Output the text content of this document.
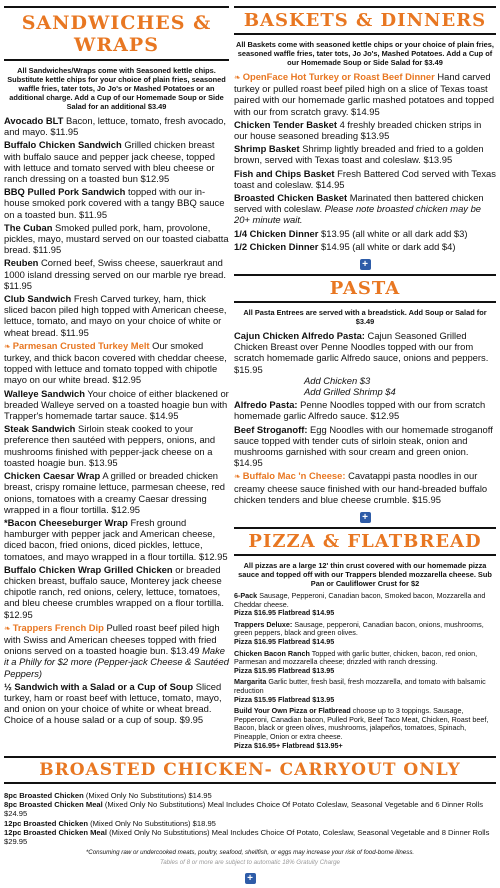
SANDWICHES & WRAPS
All Sandwiches/Wraps come with Seasoned kettle chips. Substitute kettle chips for your choice of plain fries, seasoned waffle fries, tater tots, Jo Jo's or Mashed Potatoes or an additional charge. Add a Cup of our Homemade Soup or Side Salad for an additional $3.49
Avocado BLT Bacon, lettuce, tomato, fresh avocado, and mayo. $11.95
Buffalo Chicken Sandwich Grilled chicken breast with buffalo sauce and pepper jack cheese, topped with lettuce and tomato served with bleu cheese or ranch dressing on a toasted bun $12.95
BBQ Pulled Pork Sandwich topped with our in-house smoked pork covered with a tangy BBQ sauce on a toasted bun. $11.95
The Cuban Smoked pulled pork, ham, provolone, pickles, mayo, mustard served on our toasted ciabatta bread. $11.95
Reuben Corned beef, Swiss cheese, sauerkraut and 1000 island dressing served on our marble rye bread. $11.95
Club Sandwich Fresh Carved turkey, ham, thick sliced bacon piled high topped with American cheese, lettuce, tomato, and mayo on your choice of white or wheat bread. $11.95
❧ Parmesan Crusted Turkey Melt Our smoked turkey, and thick bacon covered with cheddar cheese, topped with lettuce and tomato topped with chipotle mayo on our white bread. $12.95
Walleye Sandwich Your choice of either blackened or breaded Walleye served on a toasted hoagie bun with Trapper's homemade tartar sauce. $14.95
Steak Sandwich Sirloin steak cooked to your preference then sautéed with peppers, onions, and mushrooms finished with pepper-jack cheese on a toasted hoagie bun. $13.95
Chicken Caesar Wrap A grilled or breaded chicken breast, crispy romaine lettuce, parmesan cheese, red onions, tomatoes with a creamy Caesar dressing wrapped in a flour tortilla. $12.95
*Bacon Cheeseburger Wrap Fresh ground hamburger with pepper jack and American cheese, diced bacon, fried onions, diced pickles, lettuce, tomatoes, and mayo wrapped in a flour tortilla. $12.95
Buffalo Chicken Wrap Grilled Chicken or breaded chicken breast, buffalo sauce, Monterey jack cheese chipotle ranch, red onions, celery, lettuce, tomatoes, and bleu cheese crumbles wrapped on a flour tortilla. $12.95
❧ Trappers French Dip Pulled roast beef piled high with Swiss and American cheeses topped with fried onions served on a toasted hoagie bun. $13.49 Make it a Philly for $2 more (Pepper-jack Cheese & Sautéed Peppers)
½ Sandwich with a Salad or a Cup of Soup Sliced turkey, ham or roast beef with lettuce, tomato, mayo, and onion on your choice of white or wheat bread. Choice of a house salad or a cup of soup. $9.95
BASKETS & DINNERS
All Baskets come with seasoned kettle chips or your choice of plain fries, seasoned waffle fries, tater tots, Jo Jo's, Mashed Potatoes. Add a Cup of our Homemade Soup or Side Salad for $3.49
❧ OpenFace Hot Turkey or Roast Beef Dinner Hand carved turkey or pulled roast beef piled high on a slice of Texas toast paired with our homemade garlic mashed potatoes and topped with our from scratch gravy. $14.95
Chicken Tender Basket 4 freshly breaded chicken strips in our house seasoned breading $13.95
Shrimp Basket Shrimp lightly breaded and fried to a golden brown, served with Texas toast and coleslaw. $13.95
Fish and Chips Basket Fresh Battered Cod served with Texas toast and coleslaw. $14.95
Broasted Chicken Basket Marinated then battered chicken served with coleslaw. Please note broasted chicken may be 20+ minute wait.
1/4 Chicken Dinner $13.95 (all white or all dark add $3)
1/2 Chicken Dinner $14.95 (all white or dark add $4)
+
PASTA
All Pasta Entrees are served with a breadstick. Add Soup or Salad for $3.49
Cajun Chicken Alfredo Pasta: Cajun Seasoned Grilled Chicken Breast over Penne Noodles topped with our from scratch homemade garlic Alfredo sauce, onions and peppers. $15.95
Add Chicken $3
Add Grilled Shrimp $4
Alfredo Pasta: Penne Noodles topped with our from scratch homemade garlic Alfredo sauce. $12.95
Beef Stroganoff: Egg Noodles with our homemade stroganoff sauce topped with tender cuts of sirloin steak, onion and mushrooms garnished with sour cream and green onion. $14.95
❧ Buffalo Mac 'n Cheese: Cavatappi pasta noodles in our creamy cheese sauce finished with our hand-breaded buffalo chicken tenders and blue cheese crumble. $15.95
+
PIZZA & FLATBREAD
All pizzas are a large 12' thin crust covered with our homemade pizza sauce and topped off with our Trappers blended mozzarella cheese. Sub Pan or Cauliflower Crust for $2
6-Pack Sausage, Pepperoni, Canadian bacon, Smoked bacon, Mozzarella and Cheddar cheese.
Pizza $16.95 Flatbread $14.95
Trappers Deluxe: Sausage, pepperoni, Canadian bacon, onions, mushrooms, green peppers, black and green olives.
Pizza $16.95 Flatbread $14.95
Chicken Bacon Ranch Topped with garlic butter, chicken, bacon, red onion, Parmesan and mozzarella cheese; drizzled with ranch dressing.
Pizza $15.95 Flatbread $13.95
Margarita Garlic butter, fresh basil, fresh mozzarella, and tomato with balsamic reduction
Pizza $15.95 Flatbread $13.95
Build Your Own Pizza or Flatbread choose up to 3 toppings. Sausage, Pepperoni, Canadian bacon, Pulled Pork, Beef Taco Meat, Chicken, Roast beef, Bacon, black or green olives, mushrooms, jalapeños, tomatoes, Spinach, Pineapple, Onion or extra cheese.
Pizza $16.95+ Flatbread $13.95+
BROASTED CHICKEN- CARRYOUT ONLY
8pc Broasted Chicken (Mixed Only No Substitutions) $14.95
8pc Broasted Chicken Meal (Mixed Only No Substitutions) Meal Includes Choice Of Potato Coleslaw, Seasonal Vegetable and 6 Dinner Rolls $24.95
12pc Broasted Chicken (Mixed Only No Substitutions) $18.95
12pc Broasted Chicken Meal (Mixed Only No Substitutions) Meal Includes Choice Of Potato, Coleslaw, Seasonal Vegetable and 8 Dinner Rolls $29.95
*Consuming raw or undercooked meats, poultry, seafood, shellfish, or eggs may increase your risk of food-borne illness.
Tables of 8 or more are subject to automatic 18% Gratuity Charge
+
